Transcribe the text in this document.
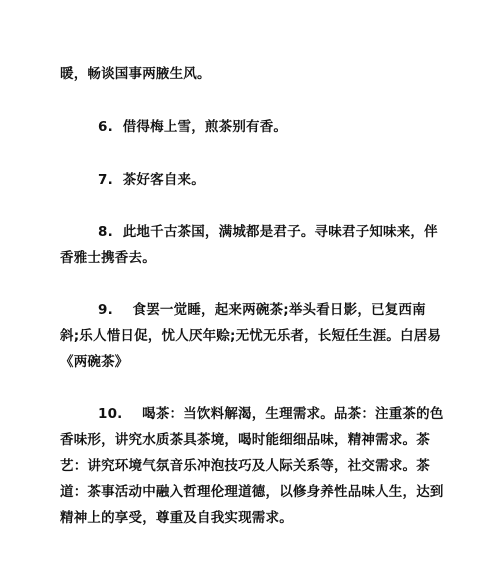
暖，畅谈国事两腋生风。

6.  借得梅上雪，煎茶别有香。

7.  茶好客自来。

8.  此地千古茶国，满城都是君子。寻味君子知味来，伴香雅士携香去。

9.    食罢一觉睡，起来两碗茶;举头看日影，已复西南斜;乐人惜日促，忧人厌年赊;无忧无乐者，长短任生涯。白居易《两碗茶》

10.    喝茶：当饮料解渴，生理需求。品茶：注重茶的色香味形，讲究水质茶具茶境，喝时能细细品味，精神需求。茶艺：讲究环境气氛音乐冲泡技巧及人际关系等，社交需求。茶道：茶事活动中融入哲理伦理道德，以修身养性品味人生，达到精神上的享受，尊重及自我实现需求。
